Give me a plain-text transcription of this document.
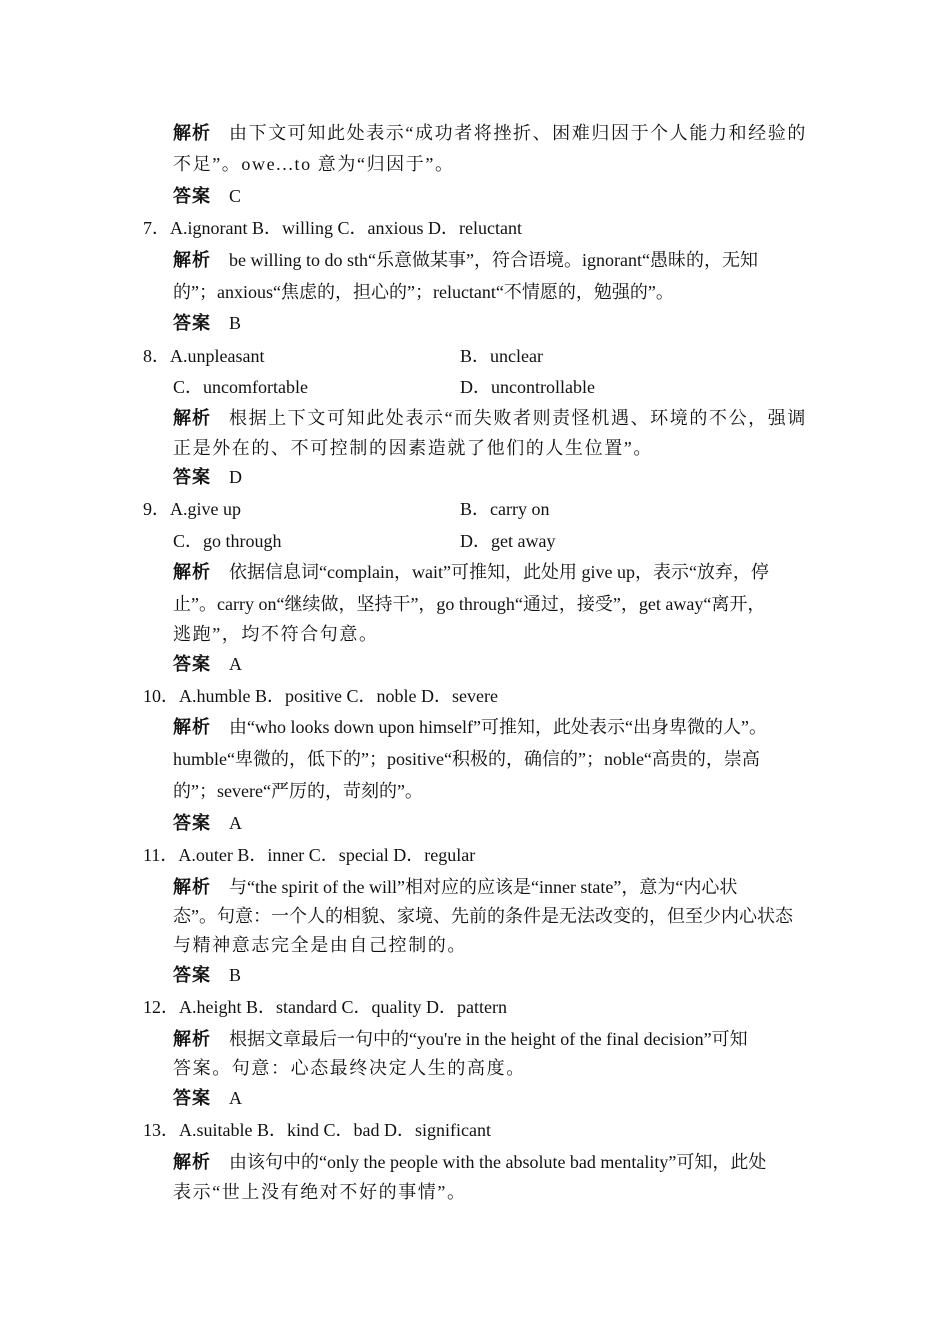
解析 由下文可知此处表示“成功者将挫折、困难归因于个人能力和经验的
不足”。owe...to 意为“归因于”。
答案 C
7．A.ignorant B．willing C．anxious D．reluctant
解析 be willing to do sth“乐意做某事”，符合语境。ignorant“愚昧的，无知
的”；anxious“焦虑的，担心的”；reluctant“不情愿的，勉强的”。
答案 B
8．A.unpleasant	B．unclear
C．uncomfortable	D．uncontrollable
解析 根据上下文可知此处表示“而失败者则责怪机遇、环境的不公，强调
正是外在的、不可控制的因素造就了他们的人生位置”。
答案 D
9．A.give up	B．carry on
C．go through	D．get away
解析 依据信息词“complain，wait”可推知，此处用 give up，表示“放弃，停
止”。carry on“继续做，坚持干”，go through“通过，接受”，get away“离开，
逃跑”，均不符合句意。
答案 A
10．A.humble B．positive C．noble D．severe
解析 由“who looks down upon himself”可推知，此处表示“出身卑微的人”。
humble“卑微的，低下的”；positive“积极的，确信的”；noble“高贵的，崇高
的”；severe“严厉的，苛刻的”。
答案 A
11．A.outer B．inner C．special D．regular
解析 与“the spirit of the will”相对应的应该是“inner state”，意为“内心状
态”。句意：一个人的相貌、家境、先前的条件是无法改变的，但至少内心状态
与精神意志完全是由自己控制的。
答案 B
12．A.height B．standard C．quality D．pattern
解析 根据文章最后一句中的“you're in the height of the final decision”可知
答案。句意：心态最终决定人生的高度。
答案 A
13．A.suitable B．kind C．bad D．significant
解析 由该句中的“only the people with the absolute bad mentality”可知，此处
表示“世上没有绝对不好的事情”。
